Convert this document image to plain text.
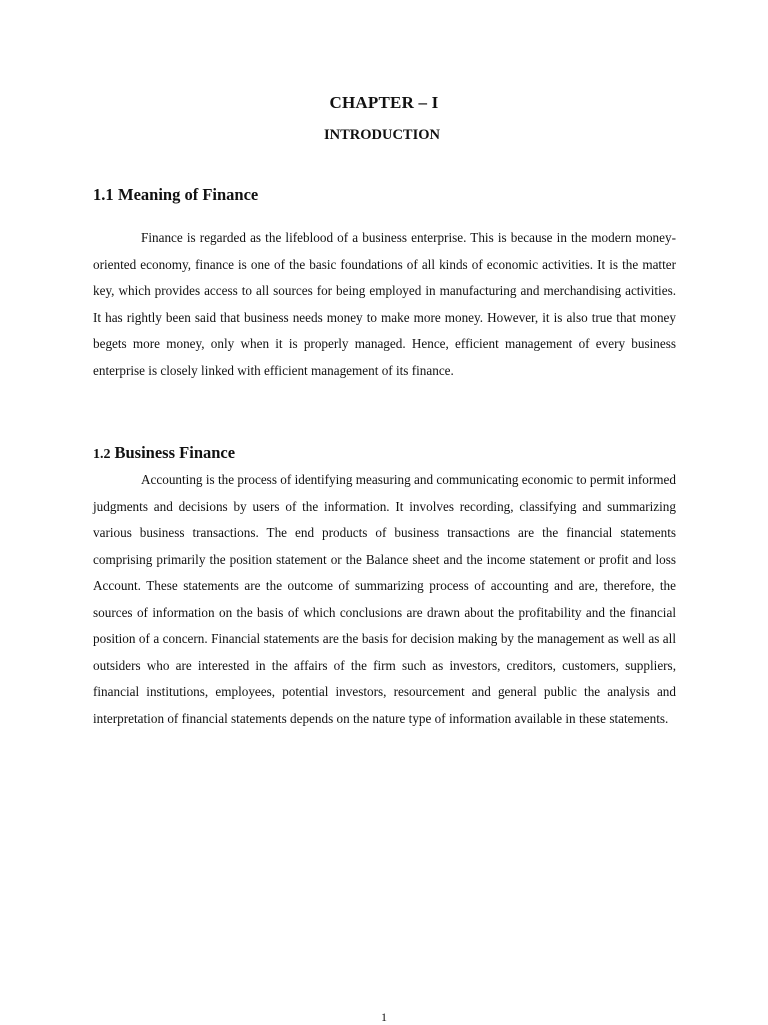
CHAPTER – I
INTRODUCTION
1.1 Meaning of Finance

Finance is regarded as the lifeblood of a business enterprise. This is because in the modern money-oriented economy, finance is one of the basic foundations of all kinds of economic activities. It is the matter key, which provides access to all sources for being employed in manufacturing and merchandising activities. It has rightly been said that business needs money to make more money. However, it is also true that money begets more money, only when it is properly managed. Hence, efficient management of every business enterprise is closely linked with efficient management of its finance.

1.2 Business Finance

Accounting is the process of identifying measuring and communicating economic to permit informed judgments and decisions by users of the information. It involves recording, classifying and summarizing various business transactions. The end products of business transactions are the financial statements comprising primarily the position statement or the Balance sheet and the income statement or profit and loss Account. These statements are the outcome of summarizing process of accounting and are, therefore, the sources of information on the basis of which conclusions are drawn about the profitability and the financial position of a concern. Financial statements are the basis for decision making by the management as well as all outsiders who are interested in the affairs of the firm such as investors, creditors, customers, suppliers, financial institutions, employees, potential investors, resourcement and general public the analysis and interpretation of financial statements depends on the nature type of information available in these statements.

1
